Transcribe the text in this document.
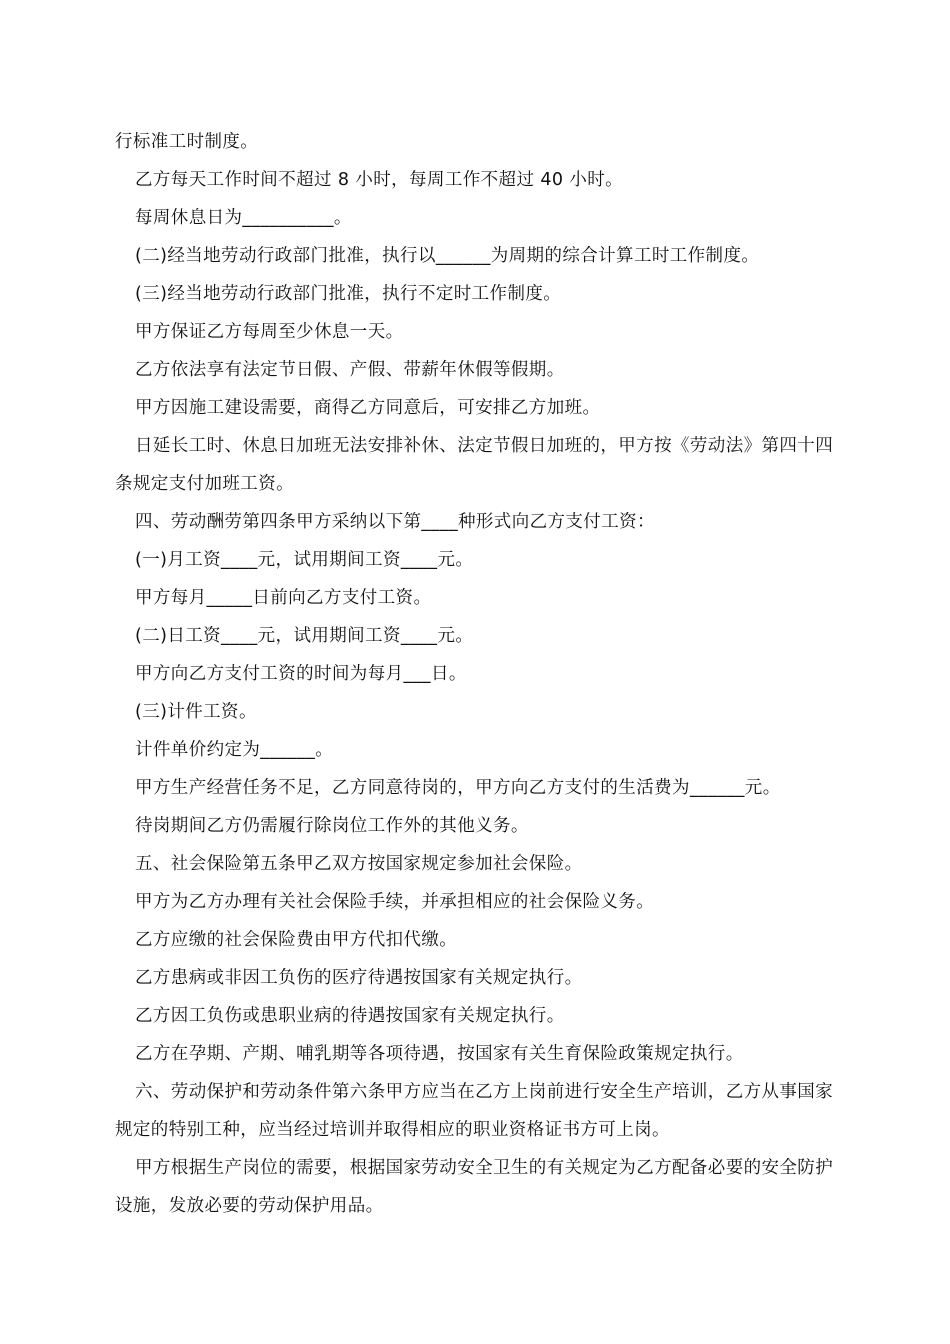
行标准工时制度。

乙方每天工作时间不超过 8 小时，每周工作不超过 40 小时。

每周休息日为__________。

(二)经当地劳动行政部门批准，执行以______为周期的综合计算工时工作制度。

(三)经当地劳动行政部门批准，执行不定时工作制度。

甲方保证乙方每周至少休息一天。

乙方依法享有法定节日假、产假、带薪年休假等假期。

甲方因施工建设需要，商得乙方同意后，可安排乙方加班。

日延长工时、休息日加班无法安排补休、法定节假日加班的，甲方按《劳动法》第四十四条规定支付加班工资。

四、劳动酬劳第四条甲方采纳以下第____种形式向乙方支付工资：

(一)月工资____元，试用期间工资____元。

甲方每月_____日前向乙方支付工资。

(二)日工资____元，试用期间工资____元。

甲方向乙方支付工资的时间为每月___日。

(三)计件工资。

计件单价约定为______。

甲方生产经营任务不足，乙方同意待岗的，甲方向乙方支付的生活费为______元。

待岗期间乙方仍需履行除岗位工作外的其他义务。

五、社会保险第五条甲乙双方按国家规定参加社会保险。

甲方为乙方办理有关社会保险手续，并承担相应的社会保险义务。

乙方应缴的社会保险费由甲方代扣代缴。

乙方患病或非因工负伤的医疗待遇按国家有关规定执行。

乙方因工负伤或患职业病的待遇按国家有关规定执行。

乙方在孕期、产期、哺乳期等各项待遇，按国家有关生育保险政策规定执行。

六、劳动保护和劳动条件第六条甲方应当在乙方上岗前进行安全生产培训，乙方从事国家规定的特别工种，应当经过培训并取得相应的职业资格证书方可上岗。

甲方根据生产岗位的需要，根据国家劳动安全卫生的有关规定为乙方配备必要的安全防护设施，发放必要的劳动保护用品。
